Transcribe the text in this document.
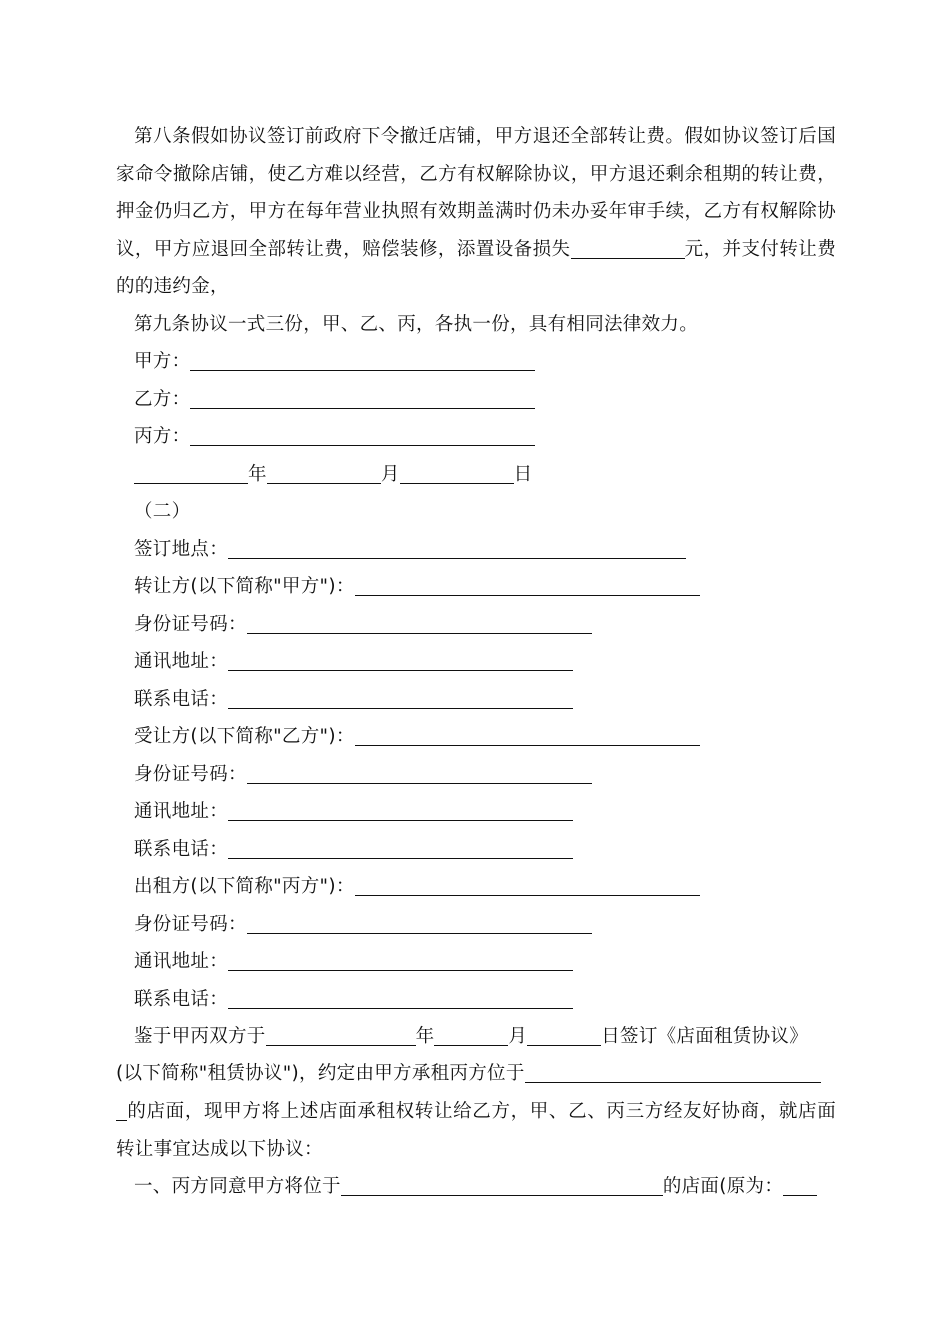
第八条假如协议签订前政府下令撤迁店铺，甲方退还全部转让费。假如协议签订后国家命令撤除店铺，使乙方难以经营，乙方有权解除协议，甲方退还剩余租期的转让费，押金仍归乙方，甲方在每年营业执照有效期盖满时仍未办妥年审手续，乙方有权解除协议，甲方应退回全部转让费，赔偿装修，添置设备损失	元，并支付转让费的的违约金，
第九条协议一式三份，甲、乙、丙，各执一份，具有相同法律效力。
甲方：
乙方：
丙方：
年	月	日
（二）
签订地点：
转让方(以下简称"甲方")：
身份证号码：
通讯地址：
联系电话：
受让方(以下简称"乙方")：
身份证号码：
通讯地址：
联系电话：
出租方(以下简称"丙方")：
身份证号码：
通讯地址：
联系电话：
鉴于甲丙双方于	年	月	日签订《店面租赁协议》
(以下简称"租赁协议")，约定由甲方承租丙方位于
的店面，现甲方将上述店面承租权转让给乙方，甲、乙、丙三方经友好协商，就店面转让事宜达成以下协议：
一、丙方同意甲方将位于	的店面(原为：
